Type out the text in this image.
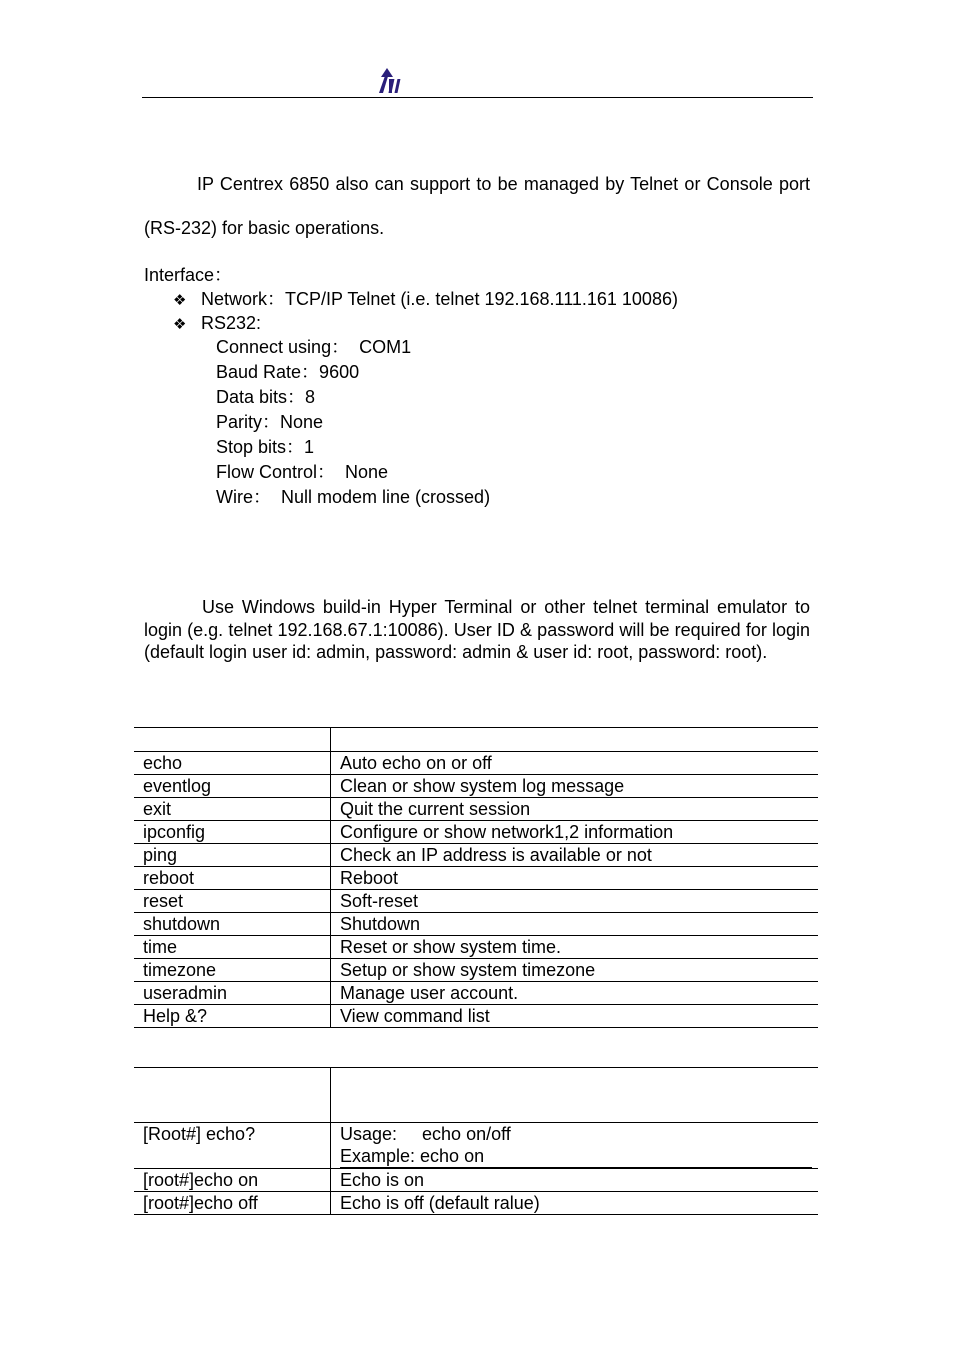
IP Centrex 6850 also can support to be managed by Telnet or Console port (RS-232) for basic operations.

Interface：

❖ Network：TCP/IP Telnet (i.e. telnet 192.168.111.161 10086)

❖ RS232:

Connect using：  COM1

Baud Rate：9600

Data bits：8

Parity：None

Stop bits：1

Flow Control：  None

Wire：  Null modem line (crossed)

Use Windows build-in Hyper Terminal or other telnet terminal emulator to login (e.g. telnet 192.168.67.1:10086). User ID & password will be required for login (default login user id: admin, password: admin & user id: root, password: root).

echo	Auto echo on or off
eventlog	Clean or show system log message
exit	Quit the current session
ipconfig	Configure or show network1,2 information
ping	Check an IP address is available or not
reboot	Reboot
reset	Soft-reset
shutdown	Shutdown
time	Reset or show system time.
timezone	Setup or show system timezone
useradmin	Manage user account.
Help &?	View command list

[Root#] echo?	Usage:     echo on/off
Example: echo on

[root#]echo on	Echo is on
[root#]echo off	Echo is off (default ralue)
